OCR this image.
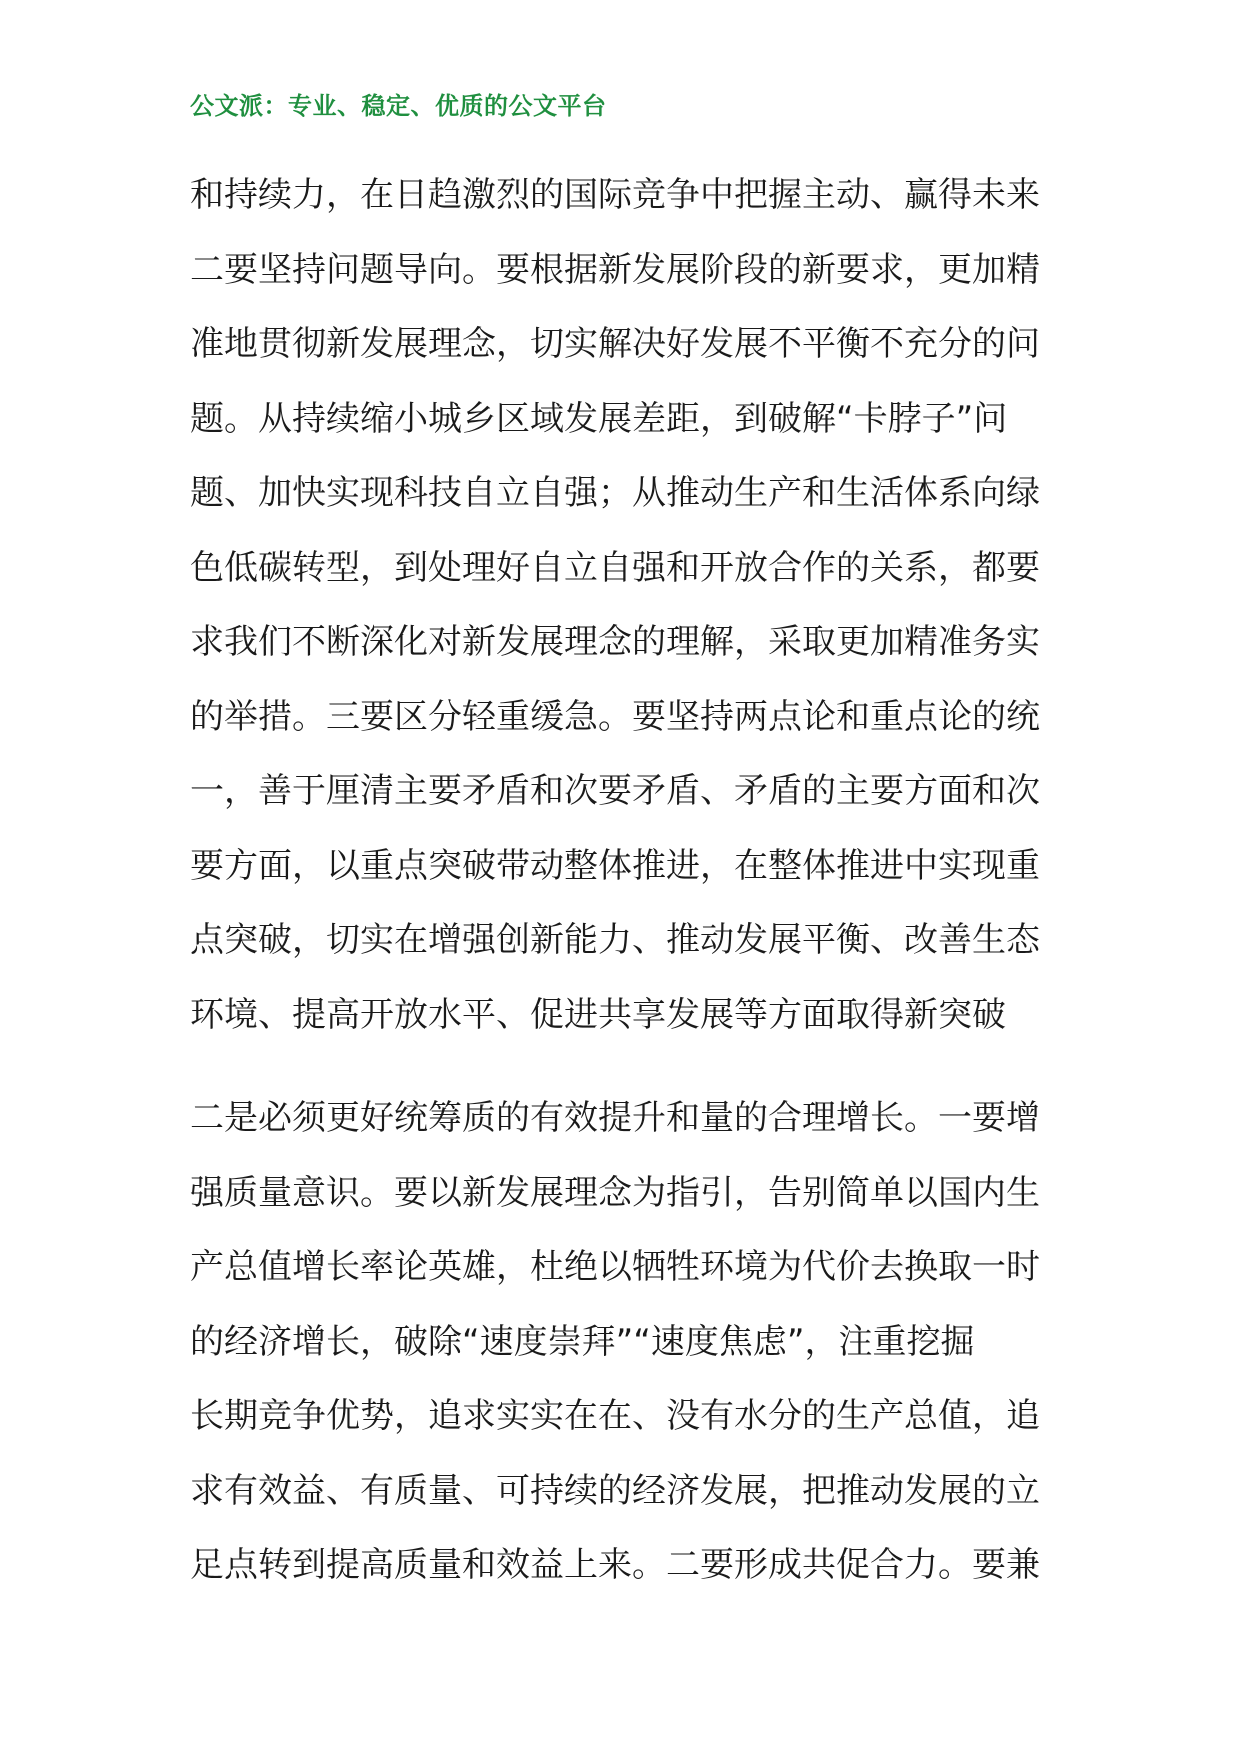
公文派：专业、稳定、优质的公文平台
和持续力，在日趋激烈的国际竞争中把握主动、赢得未来
二要坚持问题导向。要根据新发展阶段的新要求，更加精
准地贯彻新发展理念，切实解决好发展不平衡不充分的问
题。从持续缩小城乡区域发展差距，到破解“卡脖子”问
题、加快实现科技自立自强；从推动生产和生活体系向绿
色低碳转型，到处理好自立自强和开放合作的关系，都要
求我们不断深化对新发展理念的理解，采取更加精准务实
的举措。三要区分轻重缓急。要坚持两点论和重点论的统
一，善于厘清主要矛盾和次要矛盾、矛盾的主要方面和次
要方面，以重点突破带动整体推进，在整体推进中实现重
点突破，切实在增强创新能力、推动发展平衡、改善生态
环境、提高开放水平、促进共享发展等方面取得新突破
二是必须更好统筹质的有效提升和量的合理增长。一要增
强质量意识。要以新发展理念为指引，告别简单以国内生
产总值增长率论英雄，杜绝以牺牲环境为代价去换取一时
的经济增长，破除“速度崇拜”“速度焦虑”，注重挖掘
长期竞争优势，追求实实在在、没有水分的生产总值，追
求有效益、有质量、可持续的经济发展，把推动发展的立
足点转到提高质量和效益上来。二要形成共促合力。要兼
